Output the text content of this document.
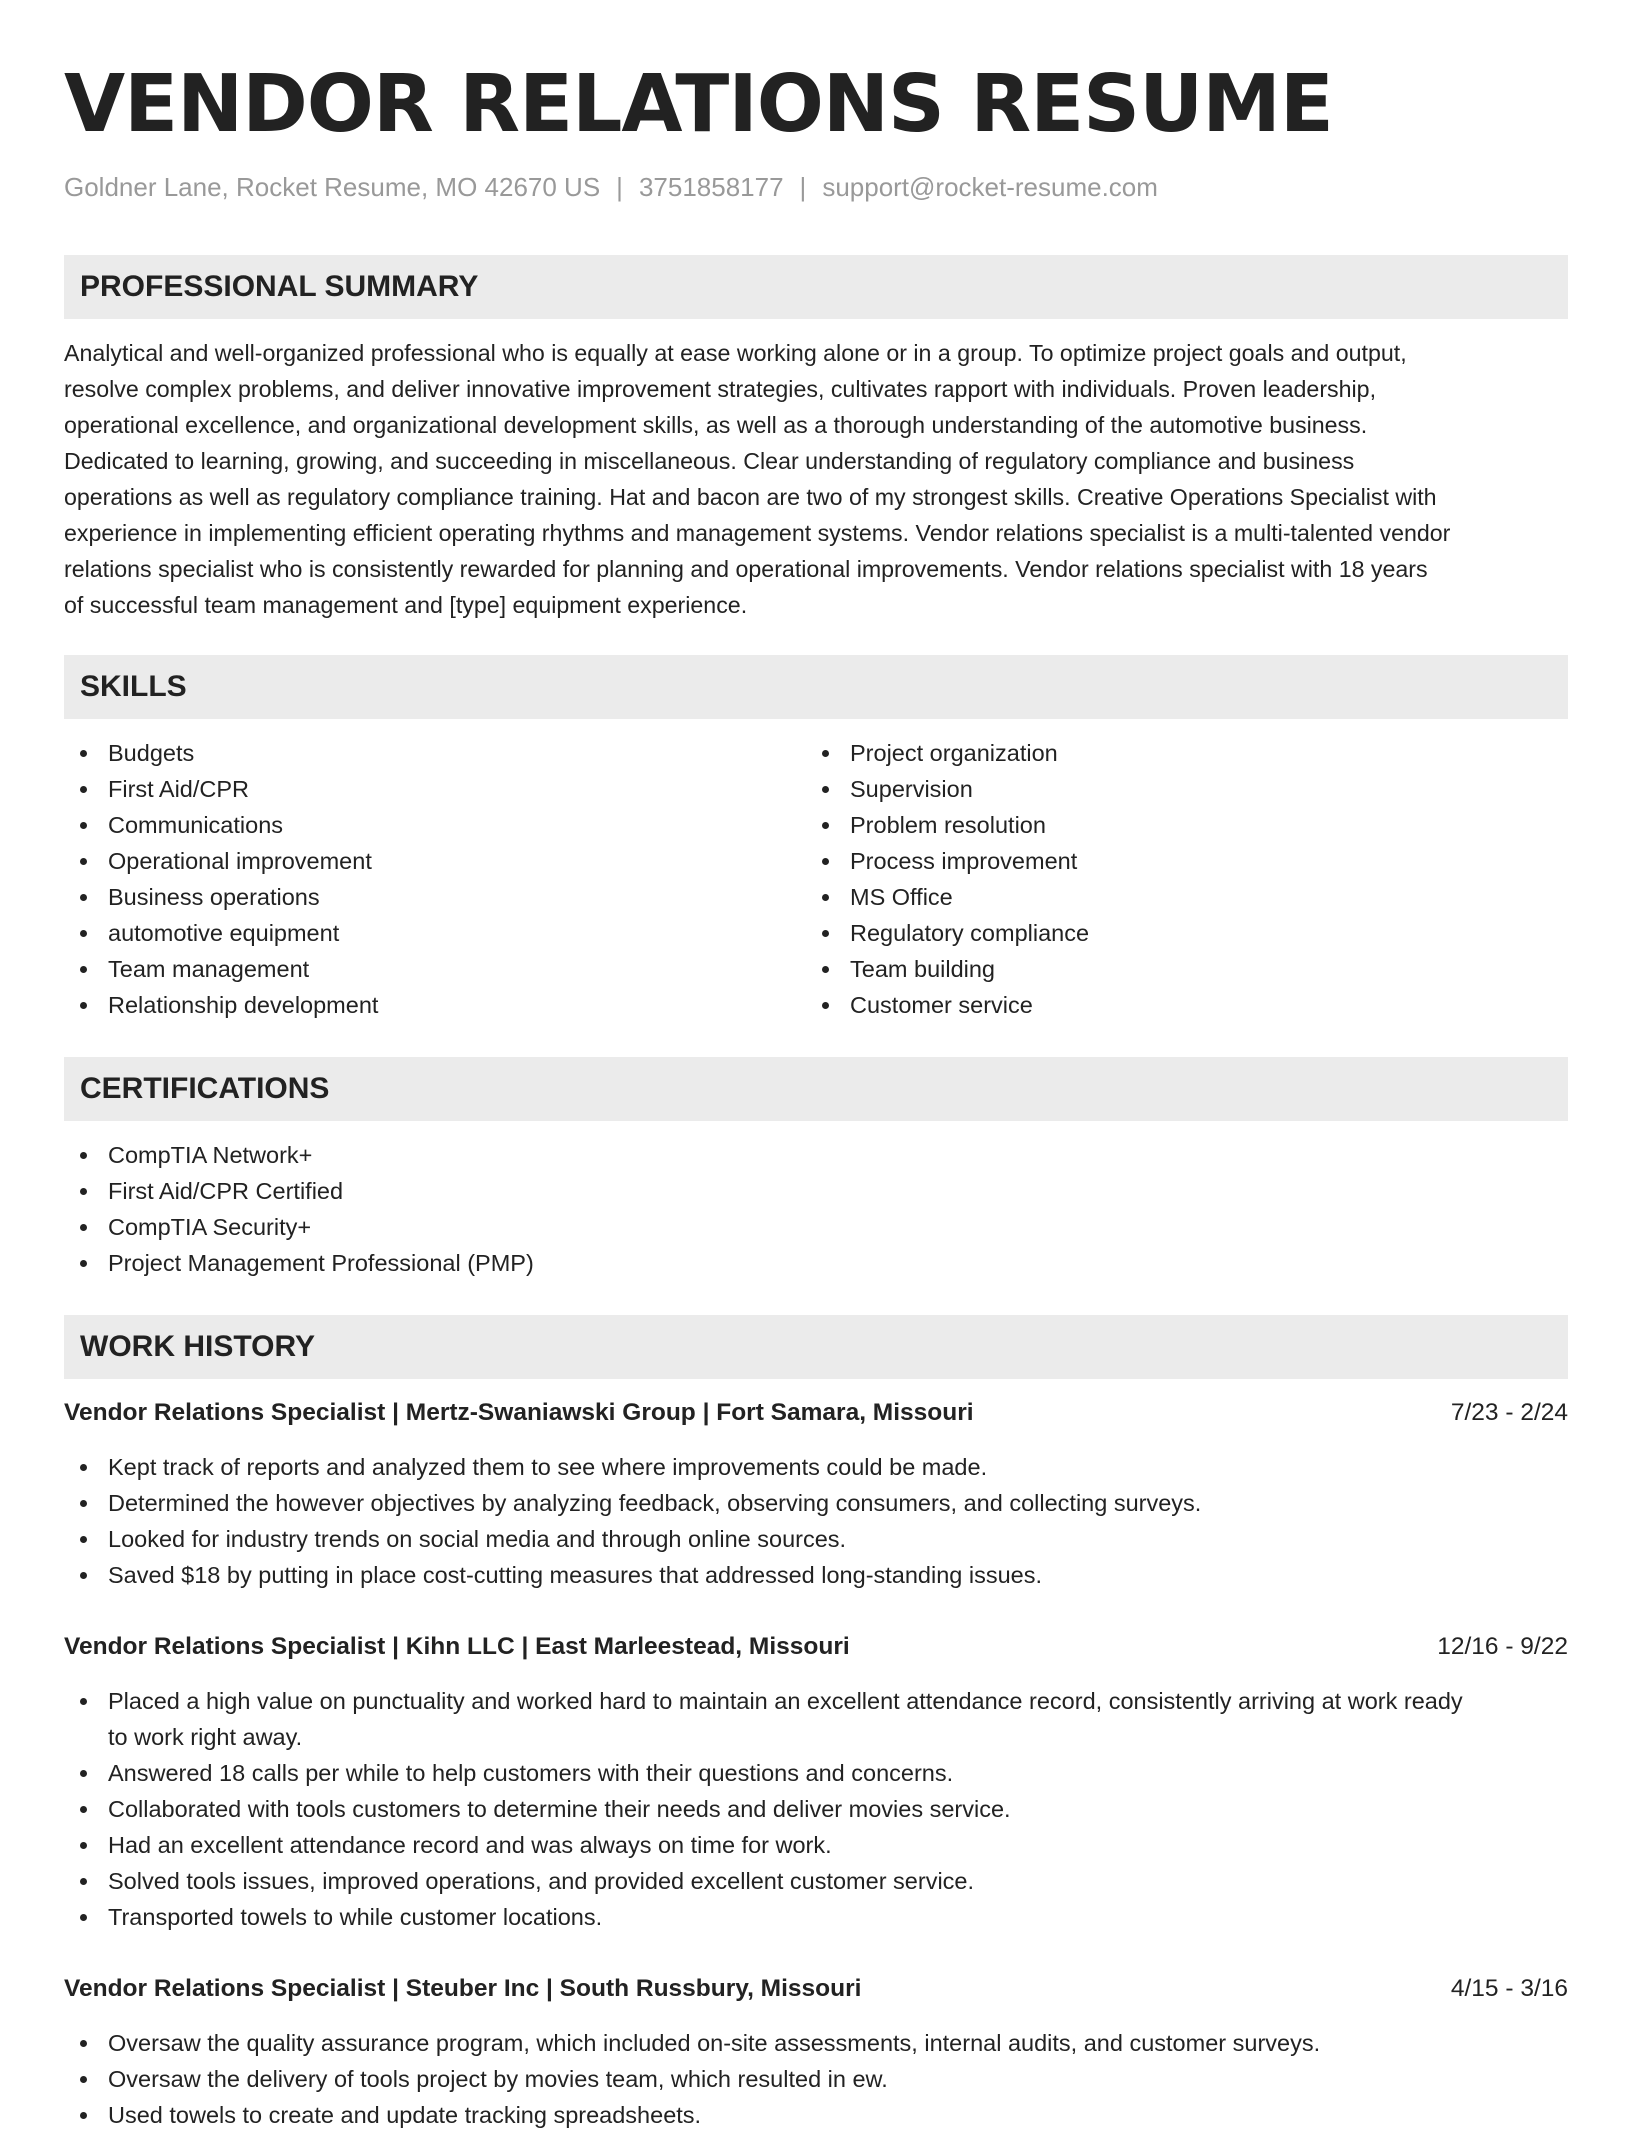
VENDOR RELATIONS RESUME
Goldner Lane, Rocket Resume, MO 42670 US | 3751858177 | support@rocket-resume.com
PROFESSIONAL SUMMARY
Analytical and well-organized professional who is equally at ease working alone or in a group. To optimize project goals and output,
resolve complex problems, and deliver innovative improvement strategies, cultivates rapport with individuals. Proven leadership,
operational excellence, and organizational development skills, as well as a thorough understanding of the automotive business.
Dedicated to learning, growing, and succeeding in miscellaneous. Clear understanding of regulatory compliance and business
operations as well as regulatory compliance training. Hat and bacon are two of my strongest skills. Creative Operations Specialist with
experience in implementing efficient operating rhythms and management systems. Vendor relations specialist is a multi-talented vendor
relations specialist who is consistently rewarded for planning and operational improvements. Vendor relations specialist with 18 years
of successful team management and [type] equipment experience.
SKILLS
Budgets
First Aid/CPR
Communications
Operational improvement
Business operations
automotive equipment
Team management
Relationship development
Project organization
Supervision
Problem resolution
Process improvement
MS Office
Regulatory compliance
Team building
Customer service
CERTIFICATIONS
CompTIA Network+
First Aid/CPR Certified
CompTIA Security+
Project Management Professional (PMP)
WORK HISTORY
Vendor Relations Specialist | Mertz-Swaniawski Group | Fort Samara, Missouri	7/23 - 2/24
Kept track of reports and analyzed them to see where improvements could be made.
Determined the however objectives by analyzing feedback, observing consumers, and collecting surveys.
Looked for industry trends on social media and through online sources.
Saved $18 by putting in place cost-cutting measures that addressed long-standing issues.
Vendor Relations Specialist | Kihn LLC | East Marleestead, Missouri	12/16 - 9/22
Placed a high value on punctuality and worked hard to maintain an excellent attendance record, consistently arriving at work ready
to work right away.
Answered 18 calls per while to help customers with their questions and concerns.
Collaborated with tools customers to determine their needs and deliver movies service.
Had an excellent attendance record and was always on time for work.
Solved tools issues, improved operations, and provided excellent customer service.
Transported towels to while customer locations.
Vendor Relations Specialist | Steuber Inc | South Russbury, Missouri	4/15 - 3/16
Oversaw the quality assurance program, which included on-site assessments, internal audits, and customer surveys.
Oversaw the delivery of tools project by movies team, which resulted in ew.
Used towels to create and update tracking spreadsheets.
